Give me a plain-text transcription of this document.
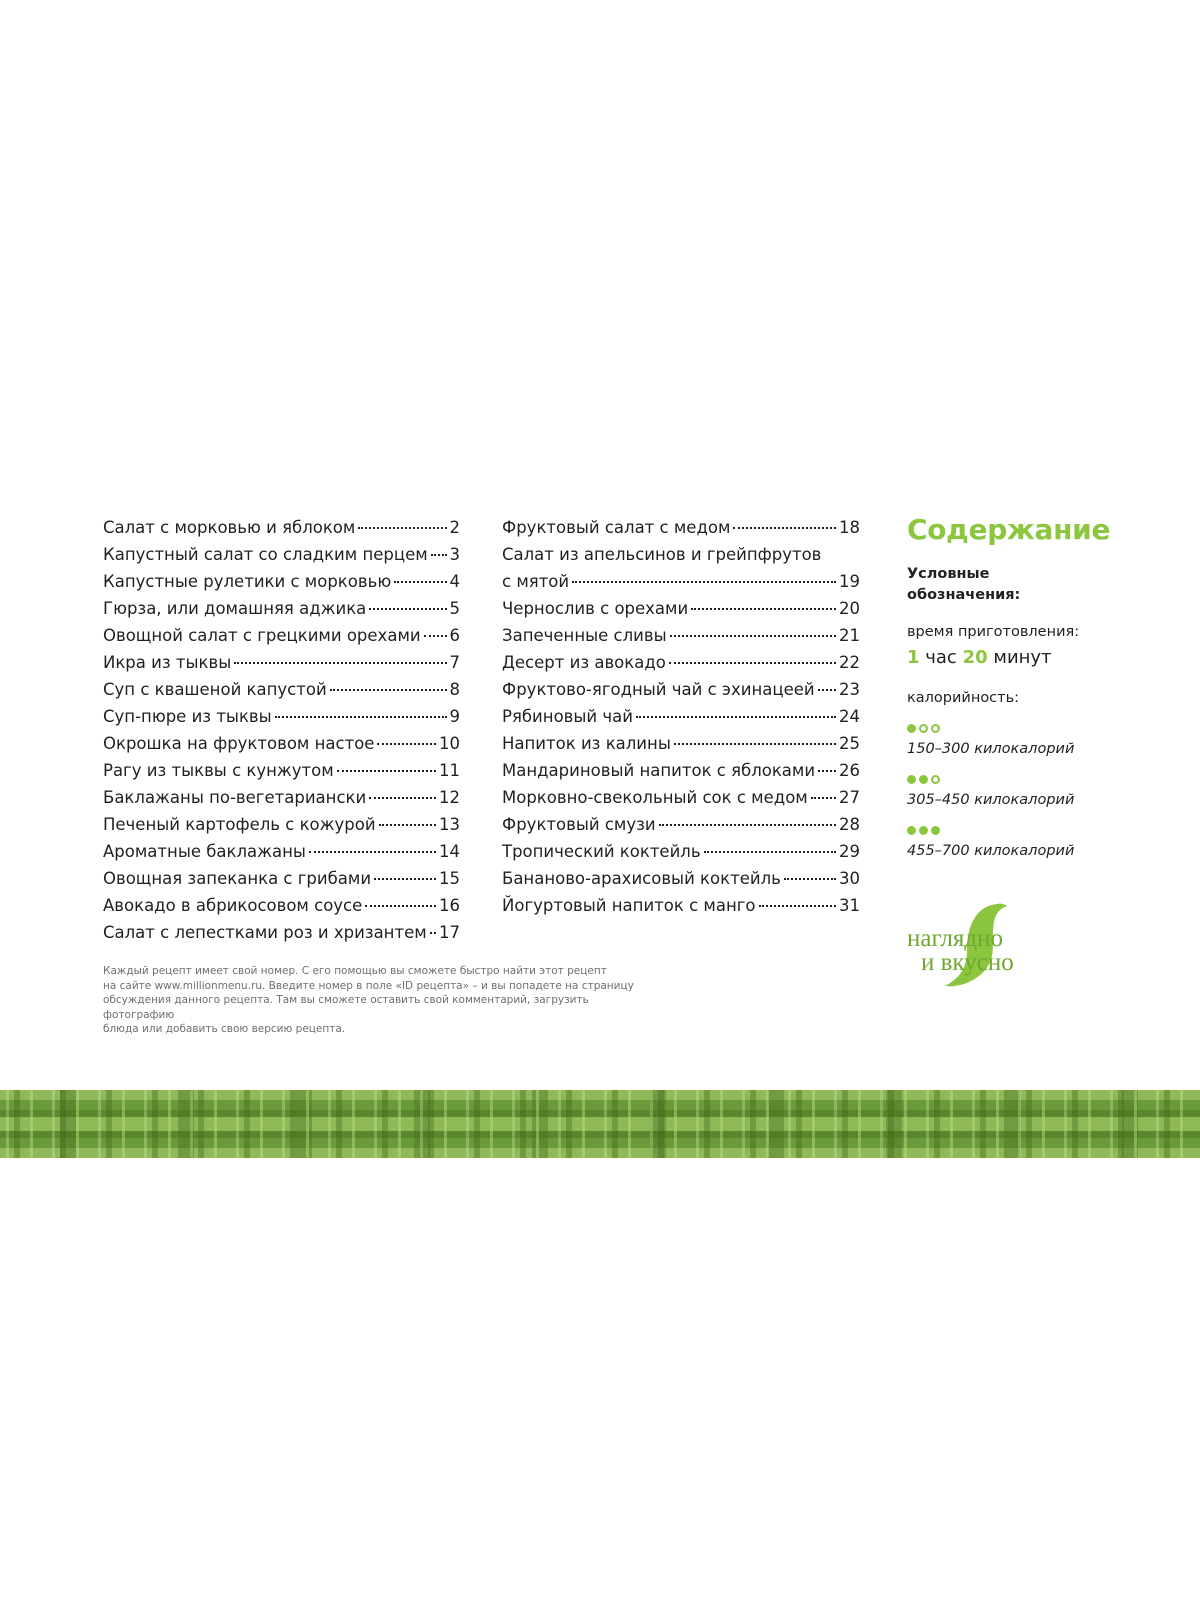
Салат с морковью и яблоком	2
Капустный салат со сладким перцем 3
Капустные рулетики с морковью	4
Гюрза, или домашняя аджика	5
Овощной салат с грецкими орехами 6
Икра из тыквы	7
Суп с квашеной капустой	8
Суп-пюре из тыквы	9
Окрошка на фруктовом настое	10
Рагу из тыквы с кунжутом	11
Баклажаны по-вегетариански	12
Печеный картофель с кожурой	13
Ароматные баклажаны	14
Овощная запеканка с грибами	15
Авокадо в абрикосовом соусе	16
Салат с лепестками роз и хризантем 17
Фруктовый салат с медом	18
Салат из апельсинов и грейпфрутов
с мятой	19
Чернослив с орехами	20
Запеченные сливы	21
Десерт из авокадо	22
Фруктово-ягодный чай с эхинацеей 23
Рябиновый чай	24
Напиток из калины	25
Мандариновый напиток с яблоками 26
Морковно-свекольный сок с медом 27
Фруктовый смузи	28
Тропический коктейль	29
Бананово-арахисовый коктейль	30
Йогуртовый напиток с манго	31
Содержание
Условные
обозначения:
время приготовления:
1 час 20 минут
калорийность:
150–300 килокалорий
305–450 килокалорий
455–700 килокалорий
наглядно
и вкусно
Каждый рецепт имеет свой номер. С его помощью вы сможете быстро найти этот рецепт
на сайте www.millionmenu.ru. Введите номер в поле «ID рецепта» – и вы попадете на страницу
обсуждения данного рецепта. Там вы сможете оставить свой комментарий, загрузить фотографию
блюда или добавить свою версию рецепта.
